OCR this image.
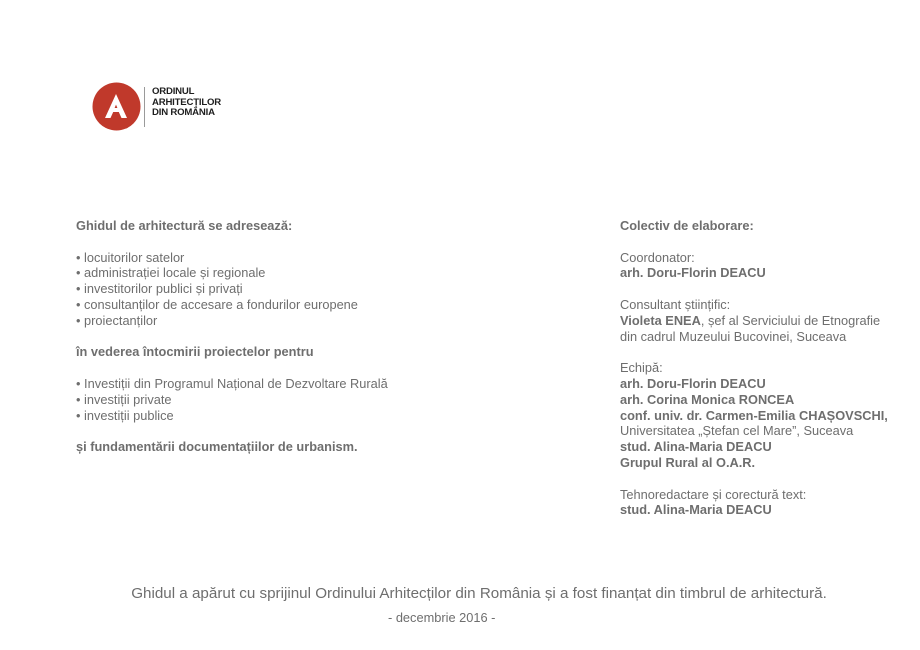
ORDINUL
ARHITECȚILOR
DIN ROMÂNIA
Ghidul de arhitectură se adresează:
• locuitorilor satelor
• administrației locale și regionale
• investitorilor publici și privați
• consultanților de accesare a fondurilor europene
• proiectanților
în vederea întocmirii proiectelor pentru
• Investiții din Programul Național de Dezvoltare Rurală
• investiții private
• investiții publice
și fundamentării documentațiilor de urbanism.
Colectiv de elaborare:
Coordonator:
arh. Doru-Florin DEACU
Consultant științific:
Violeta ENEA, șef al Serviciului de Etnografie
din cadrul Muzeului Bucovinei, Suceava
Echipă:
arh. Doru-Florin DEACU
arh. Corina Monica RONCEA
conf. univ. dr. Carmen-Emilia CHAȘOVSCHI,
Universitatea „Ștefan cel Mare”, Suceava
stud. Alina-Maria DEACU
Grupul Rural al O.A.R.
Tehnoredactare și corectură text:
stud. Alina-Maria DEACU
Ghidul a apărut cu sprijinul Ordinului Arhitecților din România și a fost finanțat din timbrul de arhitectură.
- decembrie 2016 -
